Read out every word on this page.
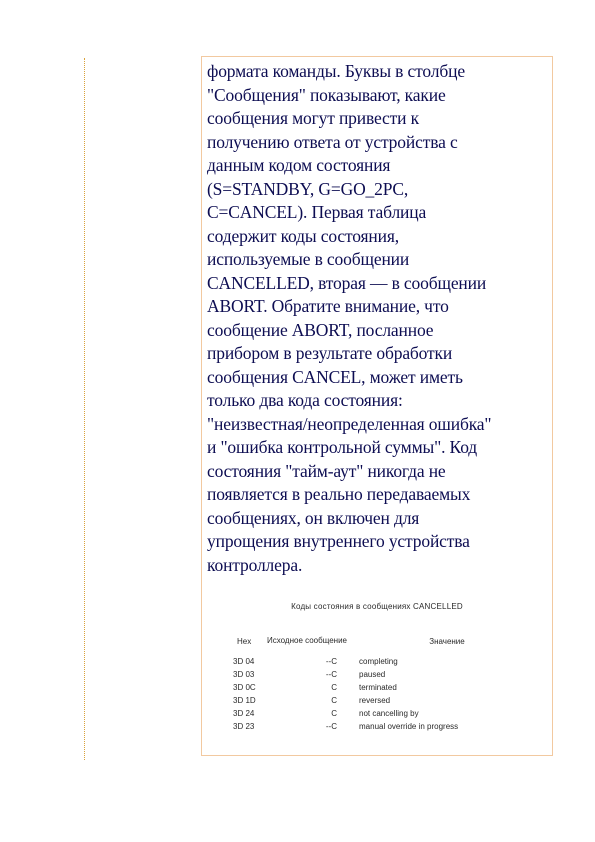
формата команды. Буквы в столбце
"Сообщения" показывают, какие
сообщения могут привести к
получению ответа от устройства с
данным кодом состояния
(S=STANDBY, G=GO_2PC,
C=CANCEL). Первая таблица
содержит коды состояния,
используемые в сообщении
CANCELLED, вторая — в сообщении
ABORT. Обратите внимание, что
сообщение ABORT, посланное
прибором в результате обработки
сообщения CANCEL, может иметь
только два кода состояния:
"неизвестная/неопределенная ошибка"
и "ошибка контрольной суммы". Код
состояния "тайм-аут" никогда не
появляется в реально передаваемых
сообщениях, он включен для
упрощения внутреннего устройства
контроллера.
Коды состояния в сообщениях CANCELLED
Hex	Исходное сообщение	Значение
3D 04	--C	completing
3D 03	--C	paused
3D 0C	C	terminated
3D 1D	C	reversed
3D 24	C	not cancelling by
3D 23	--C	manual override in progress
